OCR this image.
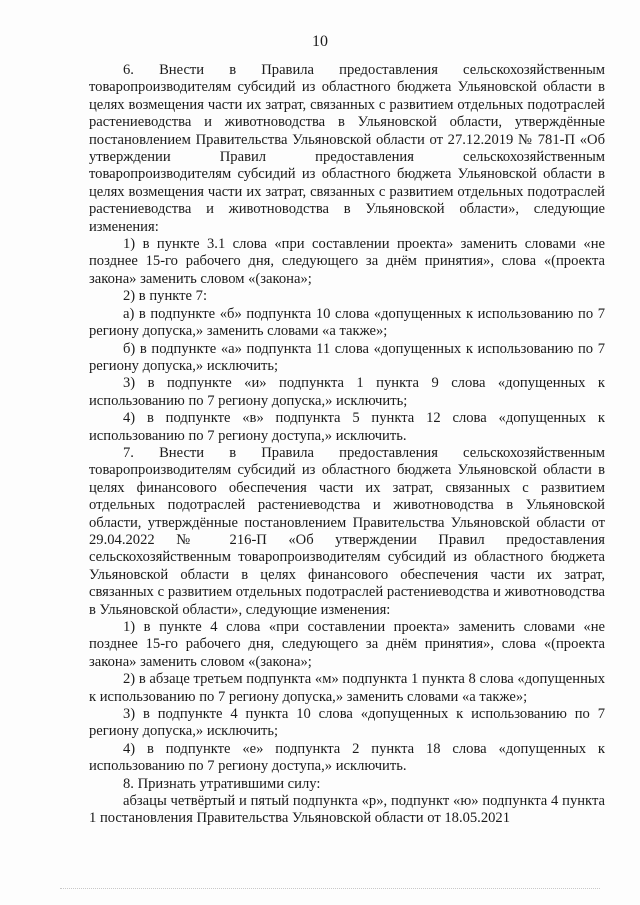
10

6. Внести в Правила предоставления сельскохозяйственным товаропроизводителям субсидий из областного бюджета Ульяновской области в целях возмещения части их затрат, связанных с развитием отдельных подотраслей растениеводства и животноводства в Ульяновской области, утверждённые постановлением Правительства Ульяновской области от 27.12.2019 № 781-П «Об утверждении Правил предоставления сельскохозяйственным товаропроизводителям субсидий из областного бюджета Ульяновской области в целях возмещения части их затрат, связанных с развитием отдельных подотраслей растениеводства и животноводства в Ульяновской области», следующие изменения:

1) в пункте 3.1 слова «при составлении проекта» заменить словами «не позднее 15-го рабочего дня, следующего за днём принятия», слова «(проекта закона» заменить словом «(закона»;

2) в пункте 7:

а) в подпункте «б» подпункта 10 слова «допущенных к использованию по 7 региону допуска,» заменить словами «а также»;

б) в подпункте «а» подпункта 11 слова «допущенных к использованию по 7 региону допуска,» исключить;

3) в подпункте «и» подпункта 1 пункта 9 слова «допущенных к использованию по 7 региону допуска,» исключить;

4) в подпункте «в» подпункта 5 пункта 12 слова «допущенных к использованию по 7 региону доступа,» исключить.

7. Внести в Правила предоставления сельскохозяйственным товаропроизводителям субсидий из областного бюджета Ульяновской области в целях финансового обеспечения части их затрат, связанных с развитием отдельных подотраслей растениеводства и животноводства в Ульяновской области, утверждённые постановлением Правительства Ульяновской области от 29.04.2022 № 216-П «Об утверждении Правил предоставления сельскохозяйственным товаропроизводителям субсидий из областного бюджета Ульяновской области в целях финансового обеспечения части их затрат, связанных с развитием отдельных подотраслей растениеводства и животноводства в Ульяновской области», следующие изменения:

1) в пункте 4 слова «при составлении проекта» заменить словами «не позднее 15-го рабочего дня, следующего за днём принятия», слова «(проекта закона» заменить словом «(закона»;

2) в абзаце третьем подпункта «м» подпункта 1 пункта 8 слова «допущенных к использованию по 7 региону допуска,» заменить словами «а также»;

3) в подпункте 4 пункта 10 слова «допущенных к использованию по 7 региону допуска,» исключить;

4) в подпункте «е» подпункта 2 пункта 18 слова «допущенных к использованию по 7 региону доступа,» исключить.

8. Признать утратившими силу:

абзацы четвёртый и пятый подпункта «р», подпункт «ю» подпункта 4 пункта 1 постановления Правительства Ульяновской области от 18.05.2021
